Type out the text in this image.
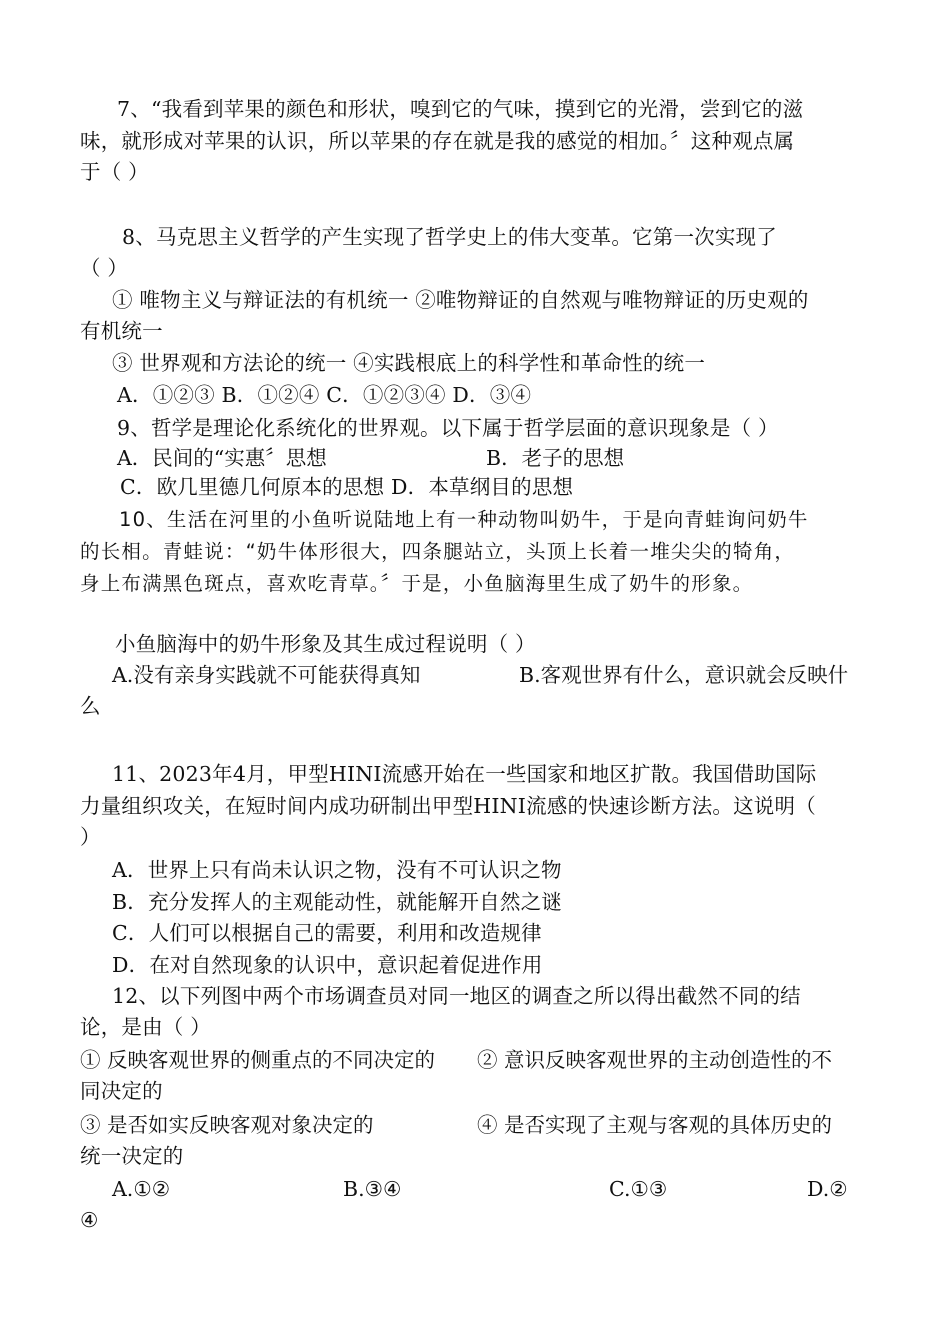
7、“我看到苹果的颜色和形状，嗅到它的气味，摸到它的光滑，尝到它的滋
味，就形成对苹果的认识，所以苹果的存在就是我的感觉的相加。〞这种观点属
于（ ）
8、马克思主义哲学的产生实现了哲学史上的伟大变革。它第一次实现了
（ ）
① 唯物主义与辩证法的有机统一 ②唯物辩证的自然观与唯物辩证的历史观的
有机统一
③ 世界观和方法论的统一 ④实践根底上的科学性和革命性的统一
A．①②③ B．①②④ C．①②③④ D．③④
9、哲学是理论化系统化的世界观。以下属于哲学层面的意识现象是（ ）
A．民间的“实惠〞思想	B．老子的思想
C．欧几里德几何原本的思想 D．本草纲目的思想
10、生活在河里的小鱼听说陆地上有一种动物叫奶牛，于是向青蛙询问奶牛
的长相。青蛙说：“奶牛体形很大，四条腿站立，头顶上长着一堆尖尖的犄角，
身上布满黑色斑点，喜欢吃青草。〞于是，小鱼脑海里生成了奶牛的形象。
小鱼脑海中的奶牛形象及其生成过程说明（ ）
A.没有亲身实践就不可能获得真知	B.客观世界有什么，意识就会反映什
么
11、2023年4月，甲型HINI流感开始在一些国家和地区扩散。我国借助国际
力量组织攻关，在短时间内成功研制出甲型HINI流感的快速诊断方法。这说明（
）
A．世界上只有尚未认识之物，没有不可认识之物
B．充分发挥人的主观能动性，就能解开自然之谜
C．人们可以根据自己的需要，利用和改造规律
D．在对自然现象的认识中，意识起着促进作用
12、以下列图中两个市场调查员对同一地区的调查之所以得出截然不同的结
论，是由（ ）
① 反映客观世界的侧重点的不同决定的 ② 意识反映客观世界的主动创造性的不
同决定的
③ 是否如实反映客观对象决定的	④ 是否实现了主观与客观的具体历史的
统一决定的
A.①②	B.③④	C.①③	D.②
④
